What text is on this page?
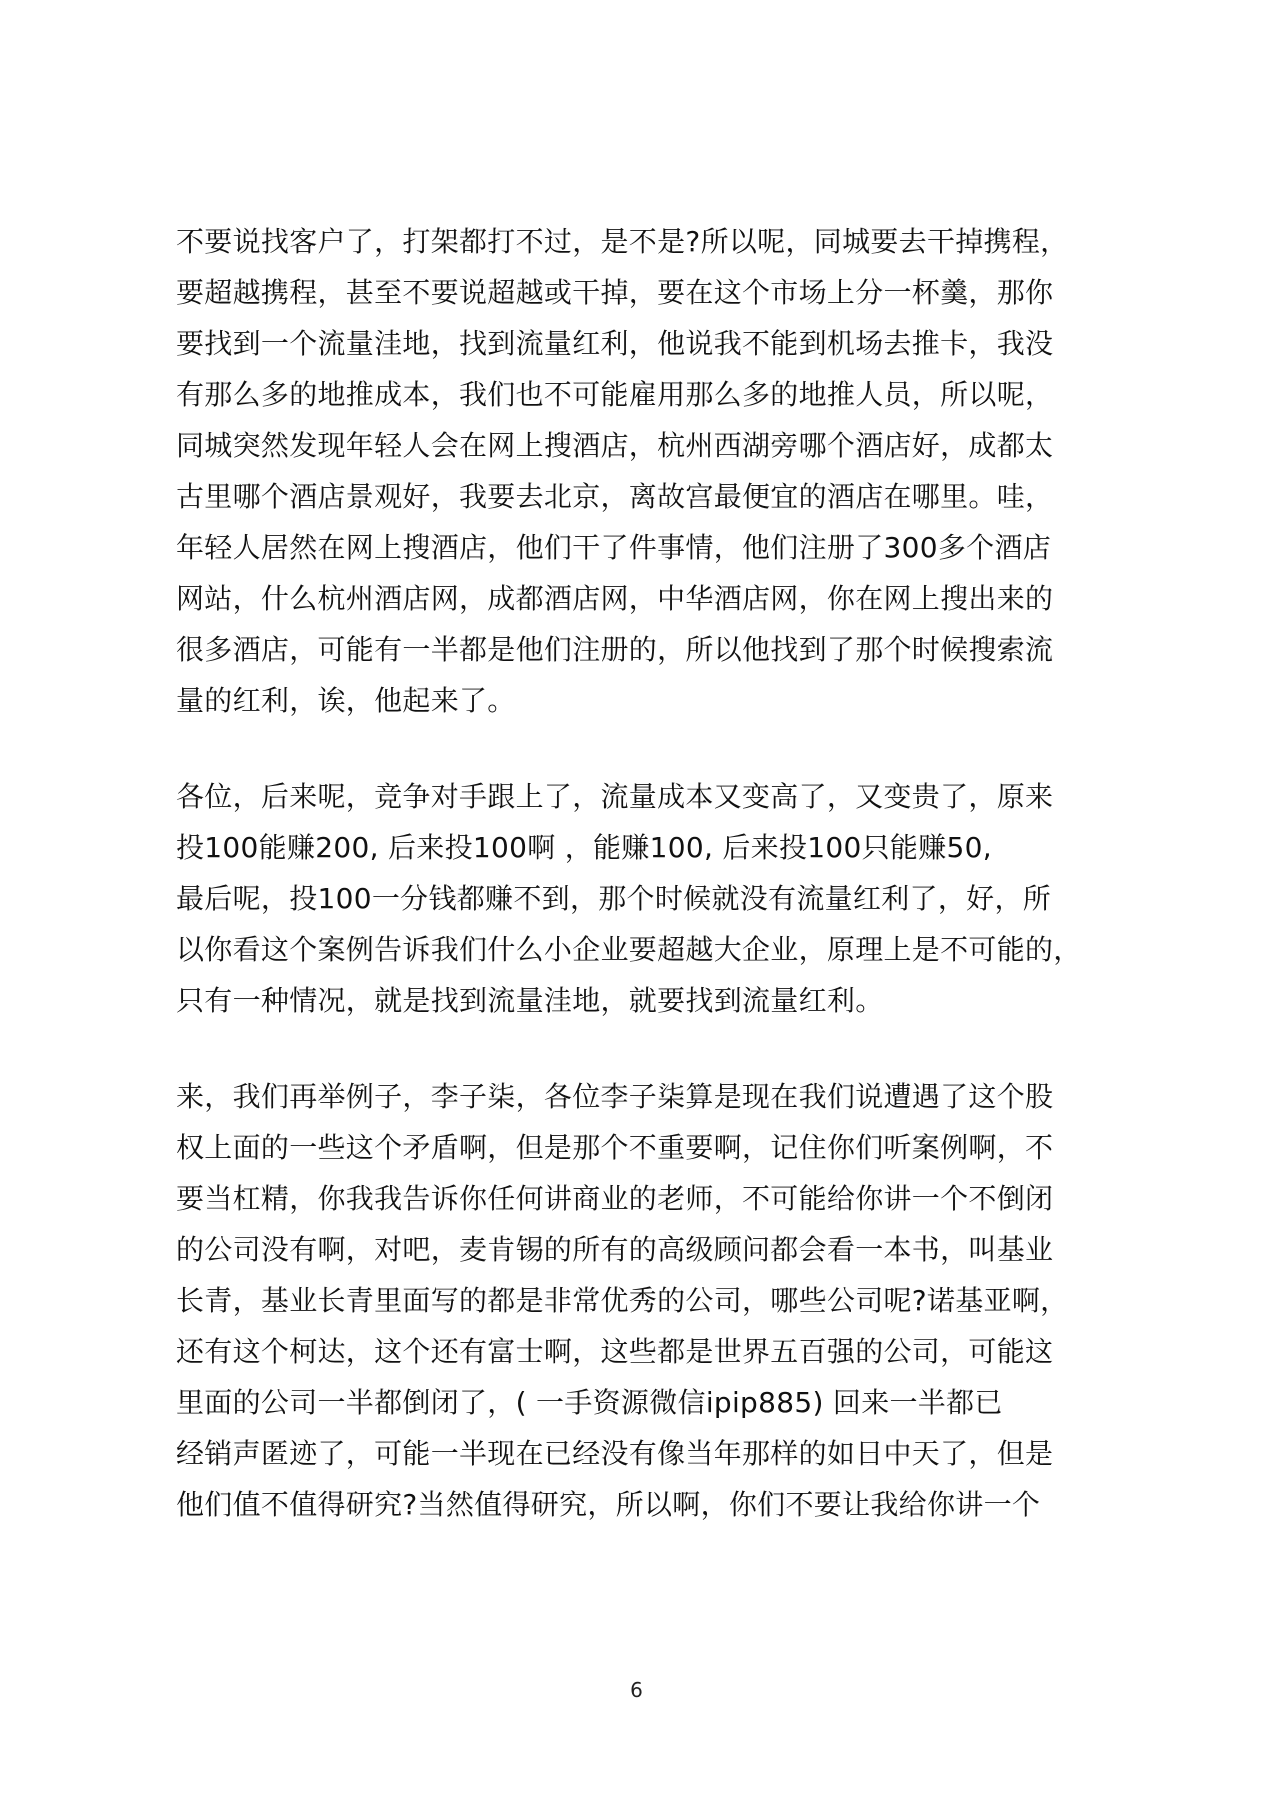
不要说找客户了，打架都打不过，是不是?所以呢，同城要去干掉携程，
要超越携程，甚至不要说超越或干掉，要在这个市场上分一杯羹，那你
要找到一个流量洼地，找到流量红利，他说我不能到机场去推卡，我没
有那么多的地推成本，我们也不可能雇用那么多的地推人员，所以呢，
同城突然发现年轻人会在网上搜酒店，杭州西湖旁哪个酒店好，成都太
古里哪个酒店景观好，我要去北京，离故宫最便宜的酒店在哪里。哇，
年轻人居然在网上搜酒店，他们干了件事情，他们注册了300多个酒店
网站，什么杭州酒店网，成都酒店网，中华酒店网，你在网上搜出来的
很多酒店，可能有一半都是他们注册的，所以他找到了那个时候搜索流
量的红利，诶，他起来了。
各位，后来呢，竞争对手跟上了，流量成本又变高了，又变贵了，原来
投100能赚200, 后来投100啊 ，能赚100, 后来投100只能赚50,
最后呢，投100一分钱都赚不到，那个时候就没有流量红利了，好，所
以你看这个案例告诉我们什么小企业要超越大企业，原理上是不可能的，
只有一种情况，就是找到流量洼地，就要找到流量红利。
来，我们再举例子，李子柒，各位李子柒算是现在我们说遭遇了这个股
权上面的一些这个矛盾啊，但是那个不重要啊，记住你们听案例啊，不
要当杠精，你我我告诉你任何讲商业的老师，不可能给你讲一个不倒闭
的公司没有啊，对吧，麦肯锡的所有的高级顾问都会看一本书，叫基业
长青，基业长青里面写的都是非常优秀的公司，哪些公司呢?诺基亚啊，
还有这个柯达，这个还有富士啊，这些都是世界五百强的公司，可能这
里面的公司一半都倒闭了，( 一手资源微信ipip885) 回来一半都已
经销声匿迹了，可能一半现在已经没有像当年那样的如日中天了，但是
他们值不值得研究?当然值得研究，所以啊，你们不要让我给你讲一个
6
